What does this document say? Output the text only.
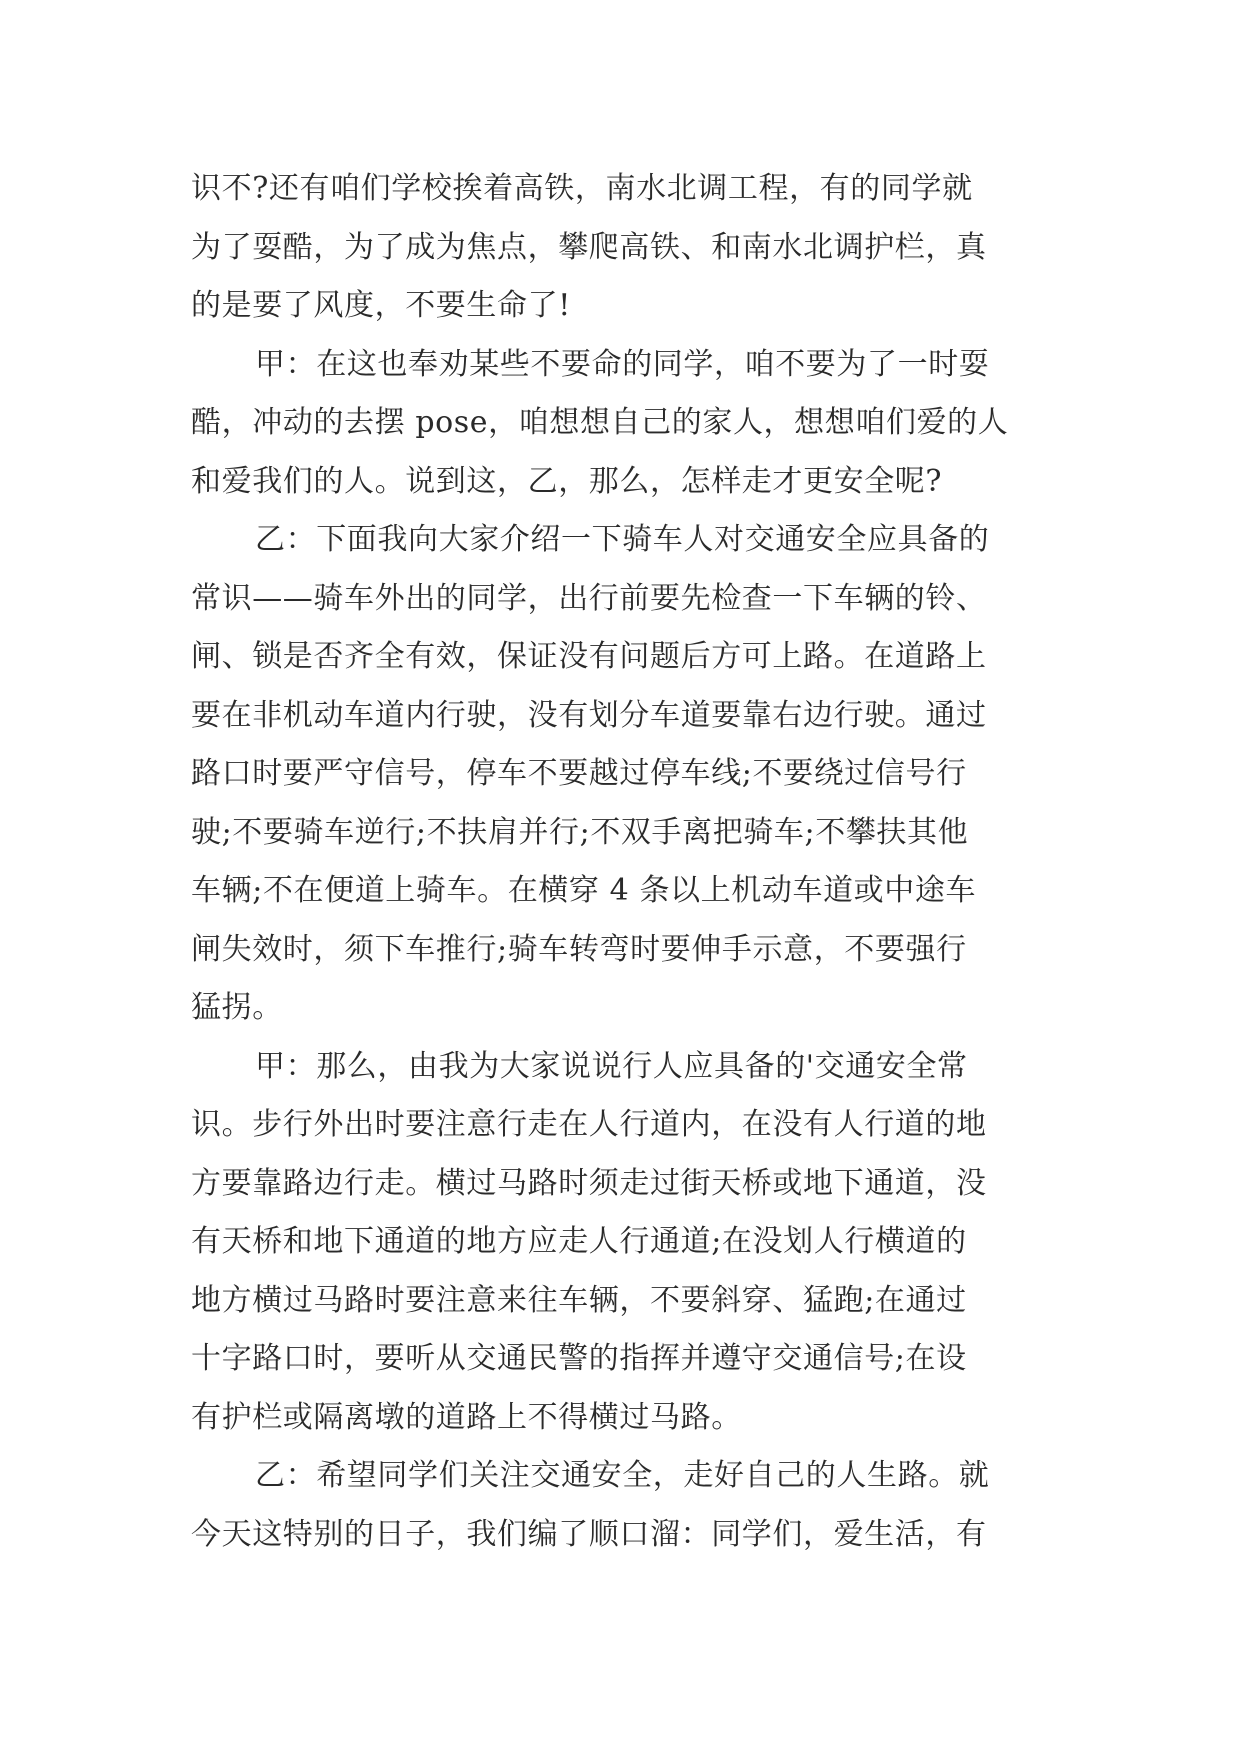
识不?还有咱们学校挨着高铁，南水北调工程，有的同学就
为了耍酷，为了成为焦点，攀爬高铁、和南水北调护栏，真
的是要了风度，不要生命了!
甲：在这也奉劝某些不要命的同学，咱不要为了一时耍
酷，冲动的去摆 pose，咱想想自己的家人，想想咱们爱的人
和爱我们的人。说到这，乙，那么，怎样走才更安全呢?
乙：下面我向大家介绍一下骑车人对交通安全应具备的
常识——骑车外出的同学，出行前要先检查一下车辆的铃、
闸、锁是否齐全有效，保证没有问题后方可上路。在道路上
要在非机动车道内行驶，没有划分车道要靠右边行驶。通过
路口时要严守信号，停车不要越过停车线;不要绕过信号行
驶;不要骑车逆行;不扶肩并行;不双手离把骑车;不攀扶其他
车辆;不在便道上骑车。在横穿 4 条以上机动车道或中途车
闸失效时，须下车推行;骑车转弯时要伸手示意，不要强行
猛拐。
甲：那么，由我为大家说说行人应具备的'交通安全常
识。步行外出时要注意行走在人行道内，在没有人行道的地
方要靠路边行走。横过马路时须走过街天桥或地下通道，没
有天桥和地下通道的地方应走人行通道;在没划人行横道的
地方横过马路时要注意来往车辆，不要斜穿、猛跑;在通过
十字路口时，要听从交通民警的指挥并遵守交通信号;在设
有护栏或隔离墩的道路上不得横过马路。
乙：希望同学们关注交通安全，走好自己的人生路。就
今天这特别的日子，我们编了顺口溜：同学们，爱生活，有
